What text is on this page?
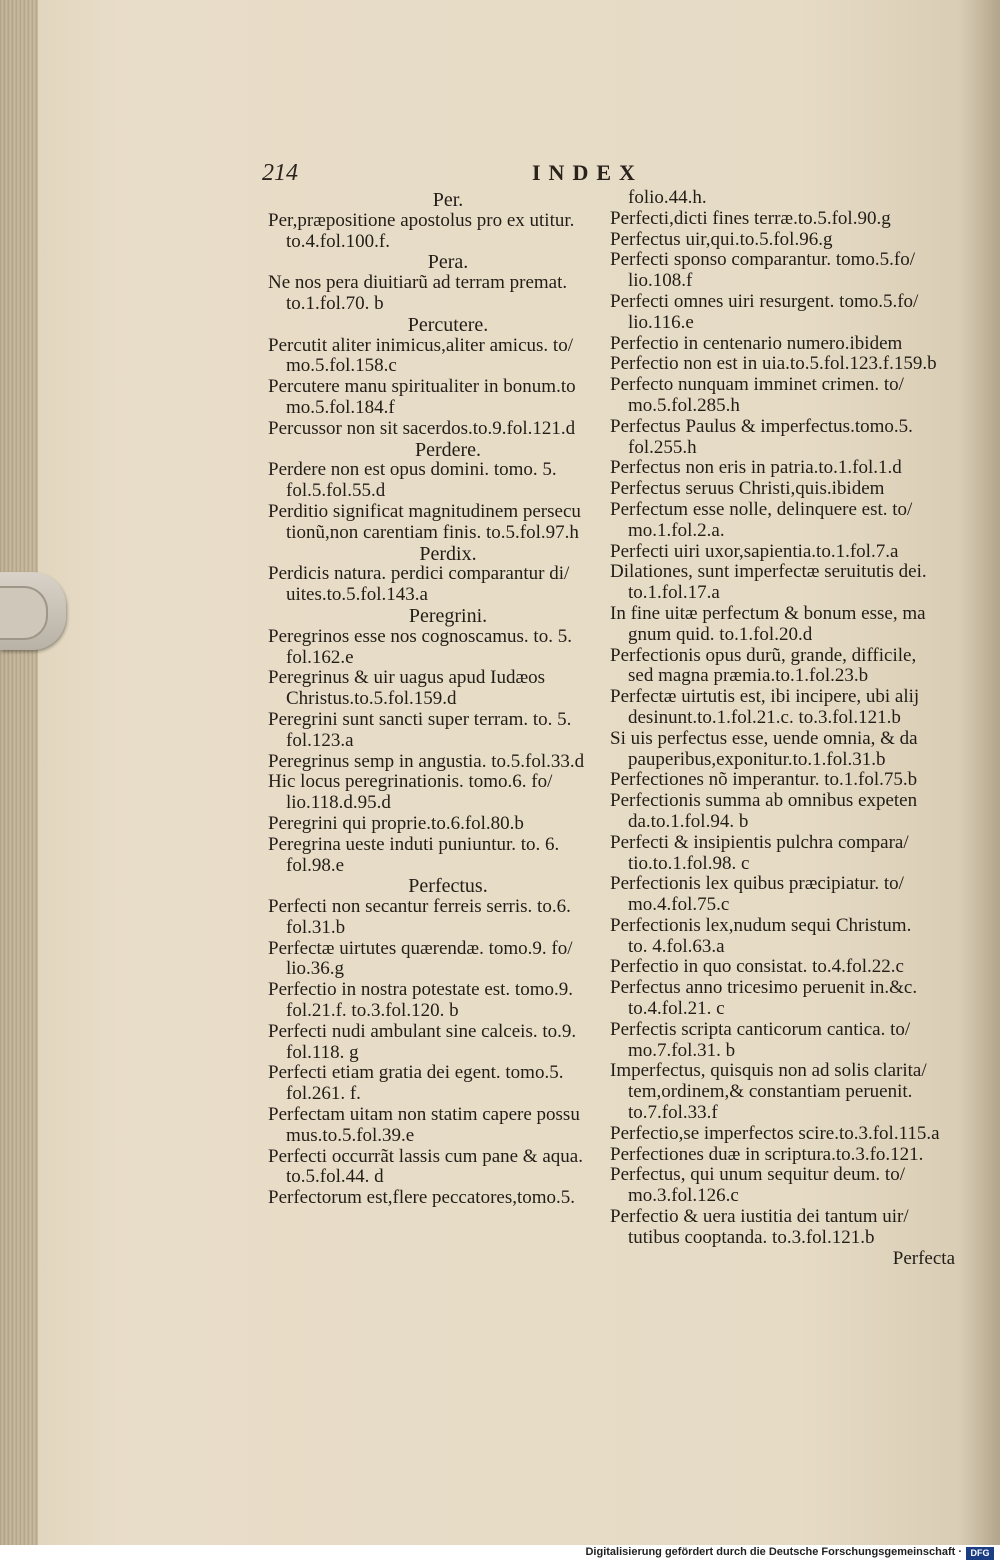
214	INDEX
Per.
Per,præpositione apostolus pro ex utitur.
to.4.fol.100.f.
Pera.
Ne nos pera diuitiarũ ad terram premat.
to.1.fol.70. b
Percutere.
Percutit aliter inimicus,aliter amicus. to/
mo.5.fol.158.c
Percutere manu spiritualiter in bonum.to
mo.5.fol.184.f
Percussor non sit sacerdos.to.9.fol.121.d
Perdere.
Perdere non est opus domini. tomo. 5.
fol.5.fol.55.d
Perditio significat magnitudinem persecu
tionũ,non carentiam finis. to.5.fol.97.h
Perdix.
Perdicis natura. perdici comparantur di/
uites.to.5.fol.143.a
Peregrini.
Peregrinos esse nos cognoscamus. to. 5.
fol.162.e
Peregrinus & uir uagus apud Iudæos
Christus.to.5.fol.159.d
Peregrini sunt sancti super terram. to. 5.
fol.123.a
Peregrinus semp in angustia. to.5.fol.33.d
Hic locus peregrinationis. tomo.6. fo/
lio.118.d.95.d
Peregrini qui proprie.to.6.fol.80.b
Peregrina ueste induti puniuntur. to. 6.
fol.98.e
Perfectus.
Perfecti non secantur ferreis serris. to.6.
fol.31.b
Perfectæ uirtutes quærendæ. tomo.9. fo/
lio.36.g
Perfectio in nostra potestate est. tomo.9.
fol.21.f. to.3.fol.120. b
Perfecti nudi ambulant sine calceis. to.9.
fol.118. g
Perfecti etiam gratia dei egent. tomo.5.
fol.261. f.
Perfectam uitam non statim capere possu
mus.to.5.fol.39.e
Perfecti occurrãt lassis cum pane & aqua.
to.5.fol.44. d
Perfectorum est,flere peccatores,tomo.5.
folio.44.h.
Perfecti,dicti fines terræ.to.5.fol.90.g
Perfectus uir,qui.to.5.fol.96.g
Perfecti sponso comparantur. tomo.5.fo/
lio.108.f
Perfecti omnes uiri resurgent. tomo.5.fo/
lio.116.e
Perfectio in centenario numero.ibidem
Perfectio non est in uia.to.5.fol.123.f.159.b
Perfecto nunquam imminet crimen. to/
mo.5.fol.285.h
Perfectus Paulus & imperfectus.tomo.5.
fol.255.h
Perfectus non eris in patria.to.1.fol.1.d
Perfectus seruus Christi,quis.ibidem
Perfectum esse nolle, delinquere est. to/
mo.1.fol.2.a.
Perfecti uiri uxor,sapientia.to.1.fol.7.a
Dilationes, sunt imperfectæ seruitutis dei.
to.1.fol.17.a
In fine uitæ perfectum & bonum esse, ma
gnum quid. to.1.fol.20.d
Perfectionis opus durũ, grande, difficile,
sed magna præmia.to.1.fol.23.b
Perfectæ uirtutis est, ibi incipere, ubi alij
desinunt.to.1.fol.21.c. to.3.fol.121.b
Si uis perfectus esse, uende omnia, & da
pauperibus,exponitur.to.1.fol.31.b
Perfectiones nõ imperantur. to.1.fol.75.b
Perfectionis summa ab omnibus expeten
da.to.1.fol.94. b
Perfecti & insipientis pulchra compara/
tio.to.1.fol.98. c
Perfectionis lex quibus præcipiatur. to/
mo.4.fol.75.c
Perfectionis lex,nudum sequi Christum.
to. 4.fol.63.a
Perfectio in quo consistat. to.4.fol.22.c
Perfectus anno tricesimo peruenit in.&c.
to.4.fol.21. c
Perfectis scripta canticorum cantica. to/
mo.7.fol.31. b
Imperfectus, quisquis non ad solis clarita/
tem,ordinem,& constantiam peruenit.
to.7.fol.33.f
Perfectio,se imperfectos scire.to.3.fol.115.a
Perfectiones duæ in scriptura.to.3.fo.121.
Perfectus, qui unum sequitur deum. to/
mo.3.fol.126.c
Perfectio & uera iustitia dei tantum uir/
tutibus cooptanda. to.3.fol.121.b
Perfecta
Digitalisierung gefördert durch die Deutsche Forschungsgemeinschaft · DFG
